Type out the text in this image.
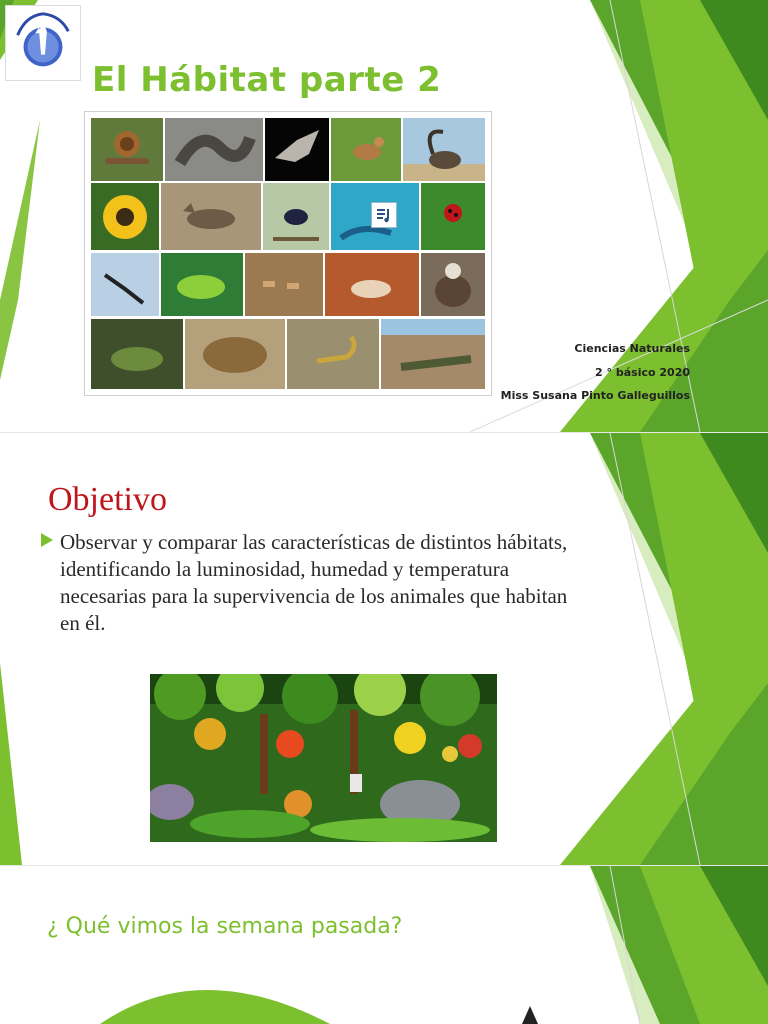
El Hábitat parte 2
Ciencias Naturales
2 ° básico 2020
Miss Susana Pinto Galleguillos
Objetivo
Observar y comparar las características de distintos hábitats,
identificando la luminosidad, humedad y temperatura
necesarias para la supervivencia de los animales que habitan
en él.
¿ Qué vimos la semana pasada?
